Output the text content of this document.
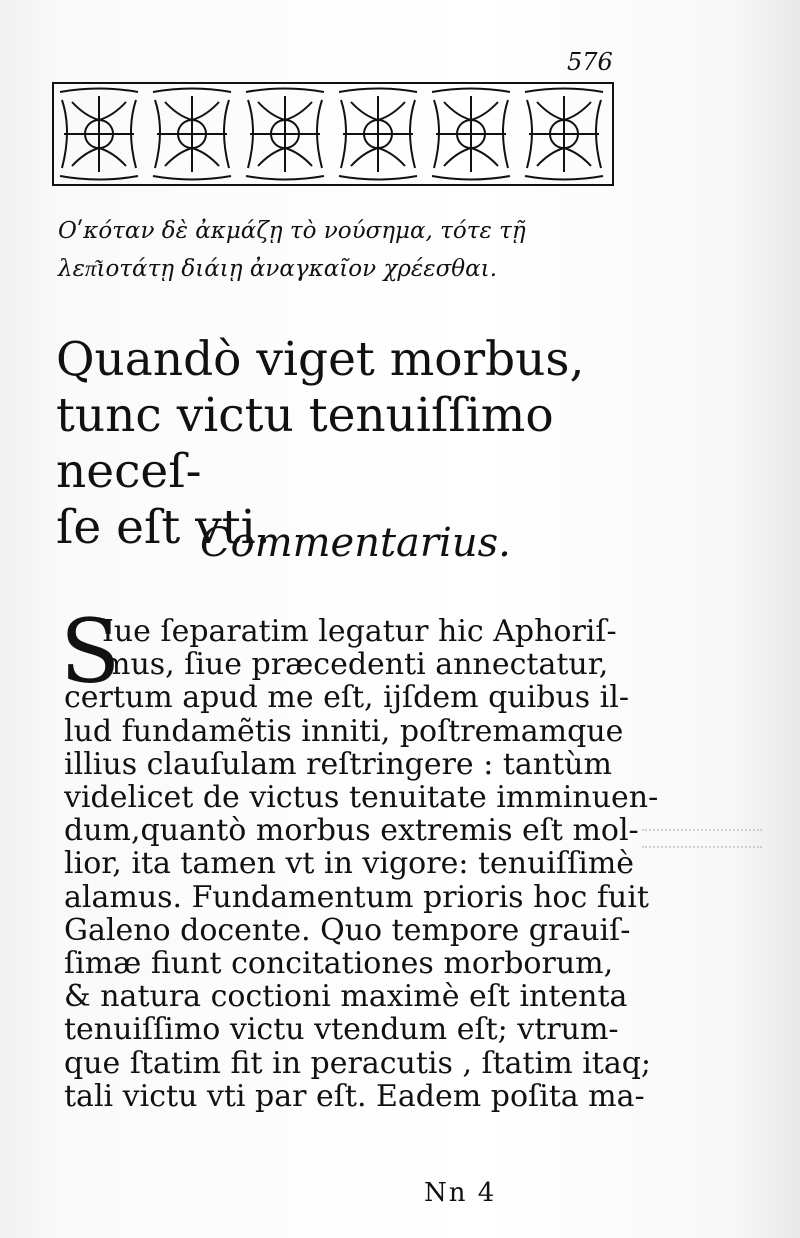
576
Oʹκόταν δὲ ἀκμάζῃ τὸ νούσημα, τότε τῇ
λεπ͂ιοτάτῃ διάιῃ ἀναγκαῖον χρέεσθαι.
Quandò viget morbus,
tunc victu tenuiſſimo neceſ-
ſe eſt vti.
Commentarius.
S
Iue ſeparatim legatur hic Aphoriſ-
mus, ſiue præcedenti annectatur,
certum apud me eſt, ijſdem quibus il-
lud fundamẽtis inniti, poſtremamque
illius clauſulam reſtringere : tantùm
videlicet de victus tenuitate imminuen-
dum,quantò morbus extremis eſt mol-
lior, ita tamen vt in vigore: tenuiſſimè
alamus. Fundamentum prioris hoc fuit
Galeno docente. Quo tempore grauiſ-
ſimæ fiunt concitationes morborum,
& natura coctioni maximè eſt intenta
tenuiſſimo victu vtendum eſt; vtrum-
que ſtatim fit in peracutis , ſtatim itaq;
tali victu vti par eſt. Eadem poſita ma-
Nn 4
